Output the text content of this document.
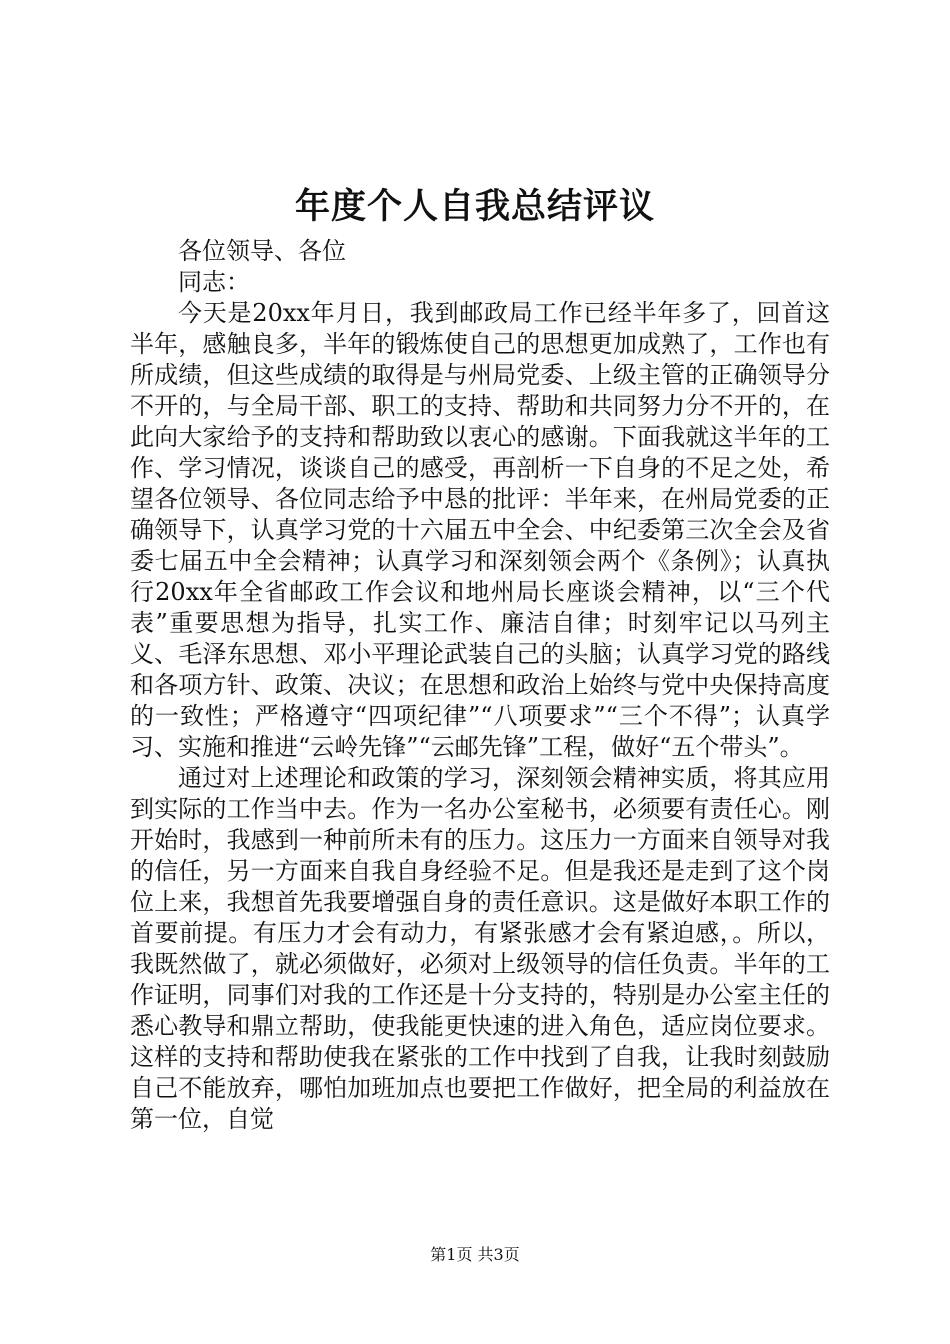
年度个人自我总结评议

各位领导、各位

同志：

今天是20xx年月日，我到邮政局工作已经半年多了，回首这半年，感触良多，半年的锻炼使自己的思想更加成熟了，工作也有所成绩，但这些成绩的取得是与州局党委、上级主管的正确领导分不开的，与全局干部、职工的支持、帮助和共同努力分不开的，在此向大家给予的支持和帮助致以衷心的感谢。下面我就这半年的工作、学习情况，谈谈自己的感受，再剖析一下自身的不足之处，希望各位领导、各位同志给予中恳的批评：半年来，在州局党委的正确领导下，认真学习党的十六届五中全会、中纪委第三次全会及省委七届五中全会精神；认真学习和深刻领会两个《条例》；认真执行20xx年全省邮政工作会议和地州局长座谈会精神，以“三个代表”重要思想为指导，扎实工作、廉洁自律；时刻牢记以马列主义、毛泽东思想、邓小平理论武装自己的头脑；认真学习党的路线和各项方针、政策、决议；在思想和政治上始终与党中央保持高度的一致性；严格遵守“四项纪律”“八项要求”“三个不得”；认真学习、实施和推进“云岭先锋”“云邮先锋”工程，做好“五个带头”。

通过对上述理论和政策的学习，深刻领会精神实质，将其应用到实际的工作当中去。作为一名办公室秘书，必须要有责任心。刚开始时，我感到一种前所未有的压力。这压力一方面来自领导对我的信任，另一方面来自我自身经验不足。但是我还是走到了这个岗位上来，我想首先我要增强自身的责任意识。这是做好本职工作的首要前提。有压力才会有动力，有紧张感才会有紧迫感，。所以，我既然做了，就必须做好，必须对上级领导的信任负责。半年的工作证明，同事们对我的工作还是十分支持的，特别是办公室主任的悉心教导和鼎立帮助，使我能更快速的进入角色，适应岗位要求。这样的支持和帮助使我在紧张的工作中找到了自我，让我时刻鼓励自己不能放弃，哪怕加班加点也要把工作做好，把全局的利益放在第一位，自觉

第1页 共3页
